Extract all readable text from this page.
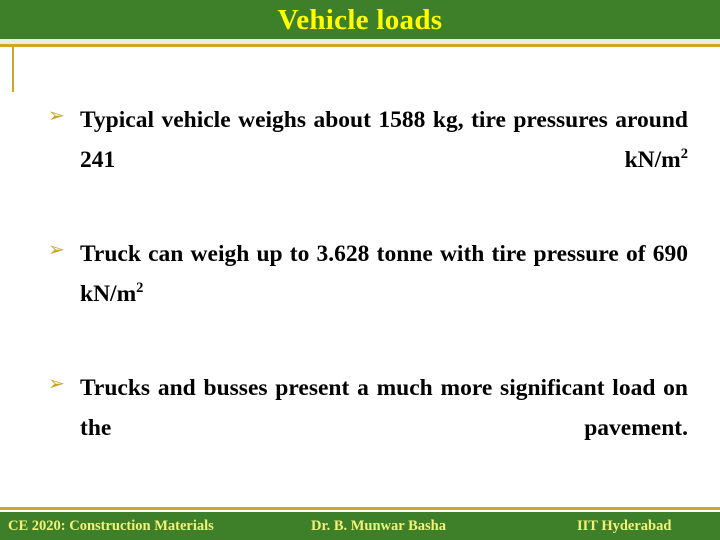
Vehicle loads
➢ Typical vehicle weighs about 1588 kg, tire pressures around 241 $kN/m^2$
➢ Truck can weigh up to 3.628 tonne with tire pressure of 690 $kN/m^2$
➢ Trucks and busses present a much more significant load on the pavement.
CE 2020: Construction Materials	Dr. B. Munwar Basha	IIT Hyderabad
